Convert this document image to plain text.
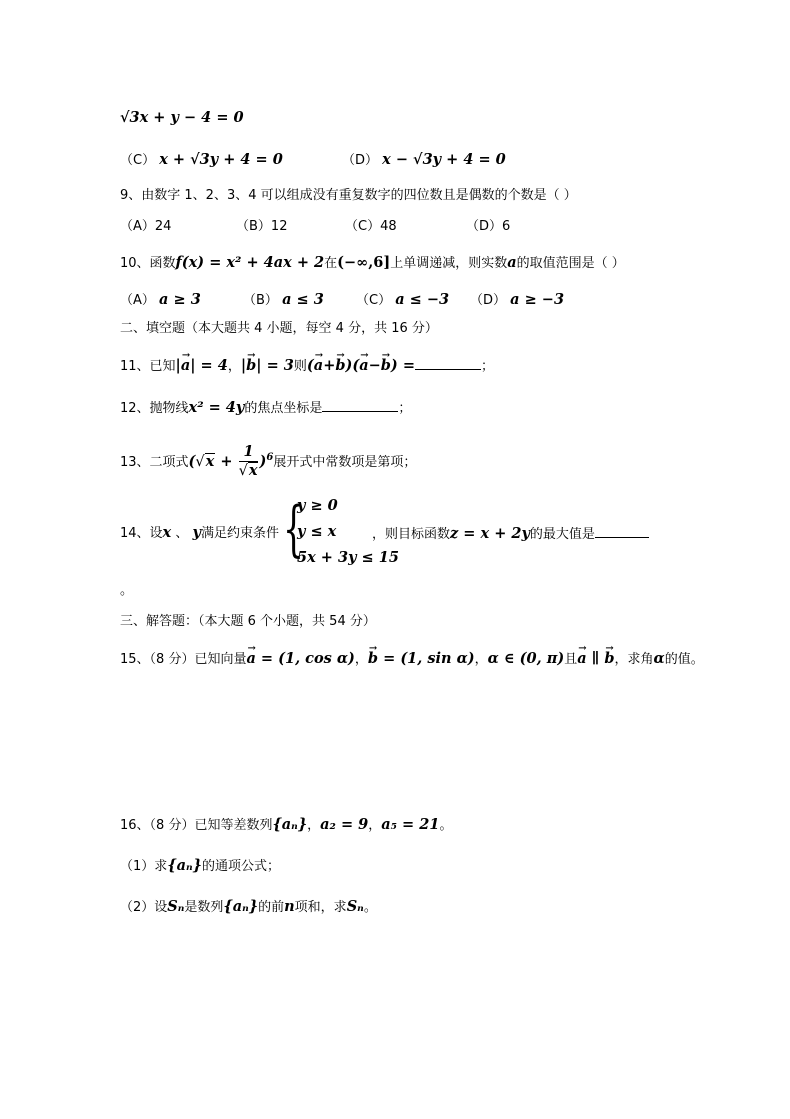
√3x + y − 4 = 0
（C） x + √3y + 4 = 0	（D） x − √3y + 4 = 0
9、由数字 1、2、3、4 可以组成没有重复数字的四位数且是偶数的个数是（ ）
（A）24	（B）12	（C）48	（D）6
10、函数f(x) = x² + 4ax + 2在(−∞,6]上单调递减，则实数a的取值范围是（ ）
（A） a ≥ 3	（B） a ≤ 3 （C） a ≤ −3 （D） a ≥ −3
二、填空题（本大题共 4 小题，每空 4 分，共 16 分）
11、已知|→ a| = 4，|→ b| = 3则(→ a+→ b)(→ a−→ b) =	；
12、抛物线x² = 4y的焦点坐标是	；
13、二项式$(√x + \frac{1}{√x} )^6$展开式中常数项是第项；
14、设x 、 y满足约束条件 {
y ≥ 0
y ≤ x
5x + 3y ≤ 15
，则目标函数z = x + 2y的最大值是
。
三、解答题：（本大题 6 个小题，共 54 分）
15、（8 分）已知向量→ a = (1, cos α)，→ b = (1, sin α)，α ∈ (0, π)且→ a ∥ → b，求角α的值。
16、（8 分）已知等差数列{aₙ}，a₂ = 9，a₅ = 21。
（1）求{aₙ}的通项公式；
（2）设Sₙ是数列{aₙ}的前n项和，求Sₙ。
